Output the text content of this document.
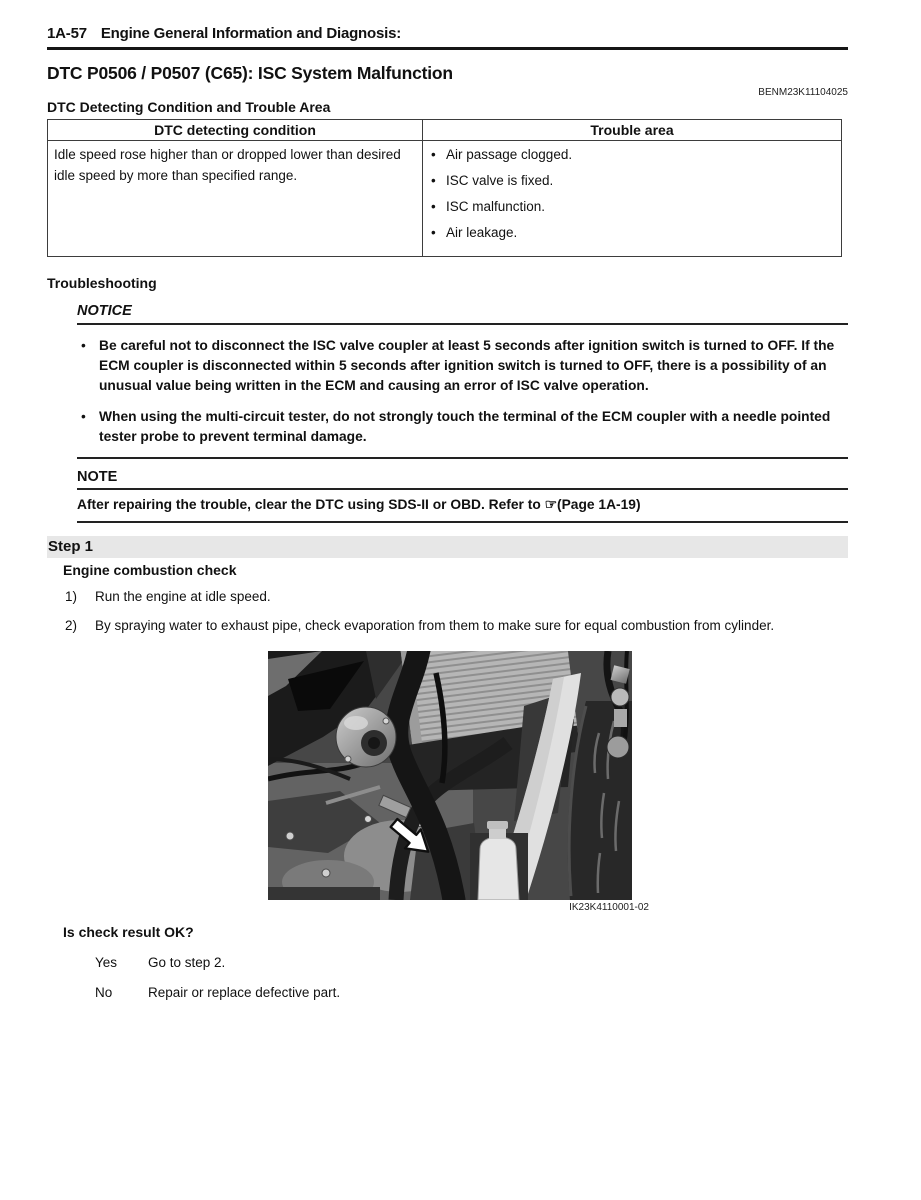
1A-57 Engine General Information and Diagnosis:
DTC P0506 / P0507 (C65): ISC System Malfunction
BENM23K11104025
DTC Detecting Condition and Trouble Area
DTC detecting condition	Trouble area
Idle speed rose higher than or dropped lower than desired idle speed by more than specified range.	
• Air passage clogged.
• ISC valve is fixed.
• ISC malfunction.
• Air leakage.
Troubleshooting
NOTICE
• Be careful not to disconnect the ISC valve coupler at least 5 seconds after ignition switch is turned to OFF. If the ECM coupler is disconnected within 5 seconds after ignition switch is turned to OFF, there is a possibility of an unusual value being written in the ECM and causing an error of ISC valve operation.
• When using the multi-circuit tester, do not strongly touch the terminal of the ECM coupler with a needle pointed tester probe to prevent terminal damage.
NOTE
After repairing the trouble, clear the DTC using SDS-II or OBD. Refer to ☞(Page 1A-19)
Step 1
Engine combustion check
1)	Run the engine at idle speed.
2)	By spraying water to exhaust pipe, check evaporation from them to make sure for equal combustion from cylinder.
IK23K4110001-02
Is check result OK?
Yes	Go to step 2.
No	Repair or replace defective part.
